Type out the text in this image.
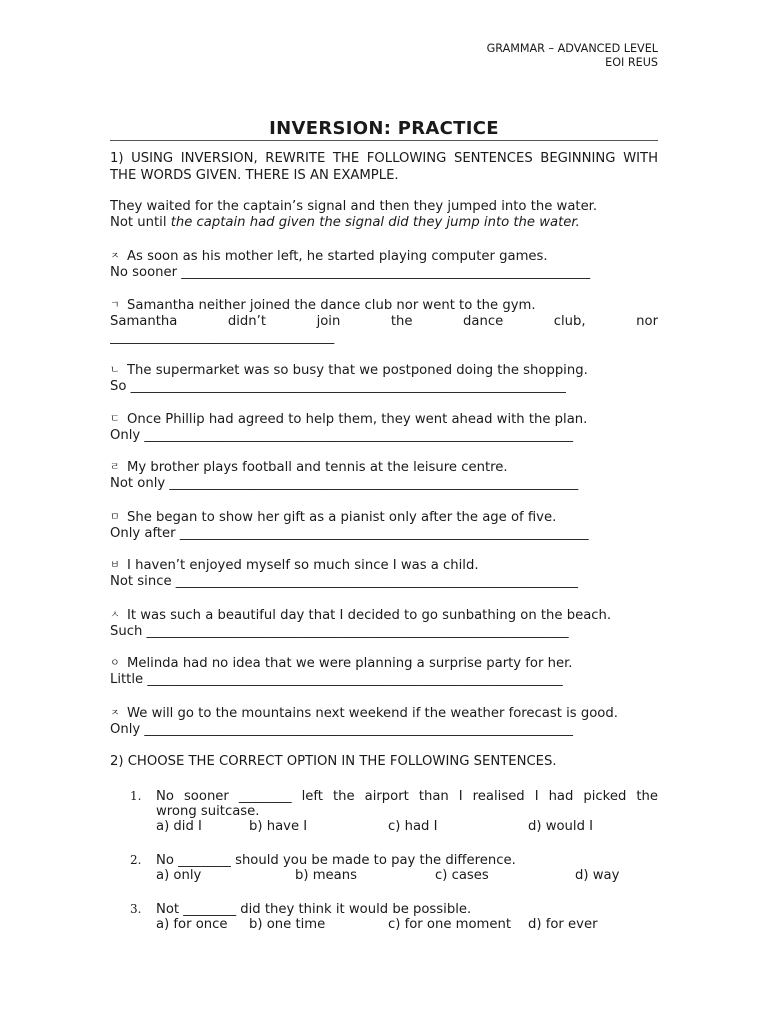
GRAMMAR – ADVANCED LEVEL
EOI REUS
INVERSION: PRACTICE
1) USING INVERSION, REWRITE THE FOLLOWING SENTENCES BEGINNING WITH THE WORDS GIVEN. THERE IS AN EXAMPLE.
They waited for the captain’s signal and then they jumped into the water.
Not until the captain had given the signal did they jump into the water.
ㅈ As soon as his mother left, he started playing computer games.
No sooner ______________________________________________________________
ㄱ Samantha neither joined the dance club nor went to the gym.
Samantha	didn’t	join	the	dance	club,	nor
__________________________________
ㄴ The supermarket was so busy that we postponed doing the shopping.
So __________________________________________________________________
ㄷ Once Phillip had agreed to help them, they went ahead with the plan.
Only _________________________________________________________________
ㄹ My brother plays football and tennis at the leisure centre.
Not only ______________________________________________________________
ㅁ She began to show her gift as a pianist only after the age of five.
Only after ______________________________________________________________
ㅂ I haven’t enjoyed myself so much since I was a child.
Not since _____________________________________________________________
ㅅ It was such a beautiful day that I decided to go sunbathing on the beach.
Such ________________________________________________________________
ㅇ Melinda had no idea that we were planning a surprise party for her.
Little _______________________________________________________________
ㅈ We will go to the mountains next weekend if the weather forecast is good.
Only _________________________________________________________________
2) CHOOSE THE CORRECT OPTION IN THE FOLLOWING SENTENCES.
1.	No sooner ________ left the airport than I realised I had picked the
wrong suitcase.
a) did I	b) have I	c) had I	d) would I
2.	No ________ should you be made to pay the difference.
a) only	b) means	c) cases	d) way
3.	Not ________ did they think it would be possible.
a) for once	b) one time	c) for one moment	d) for ever
